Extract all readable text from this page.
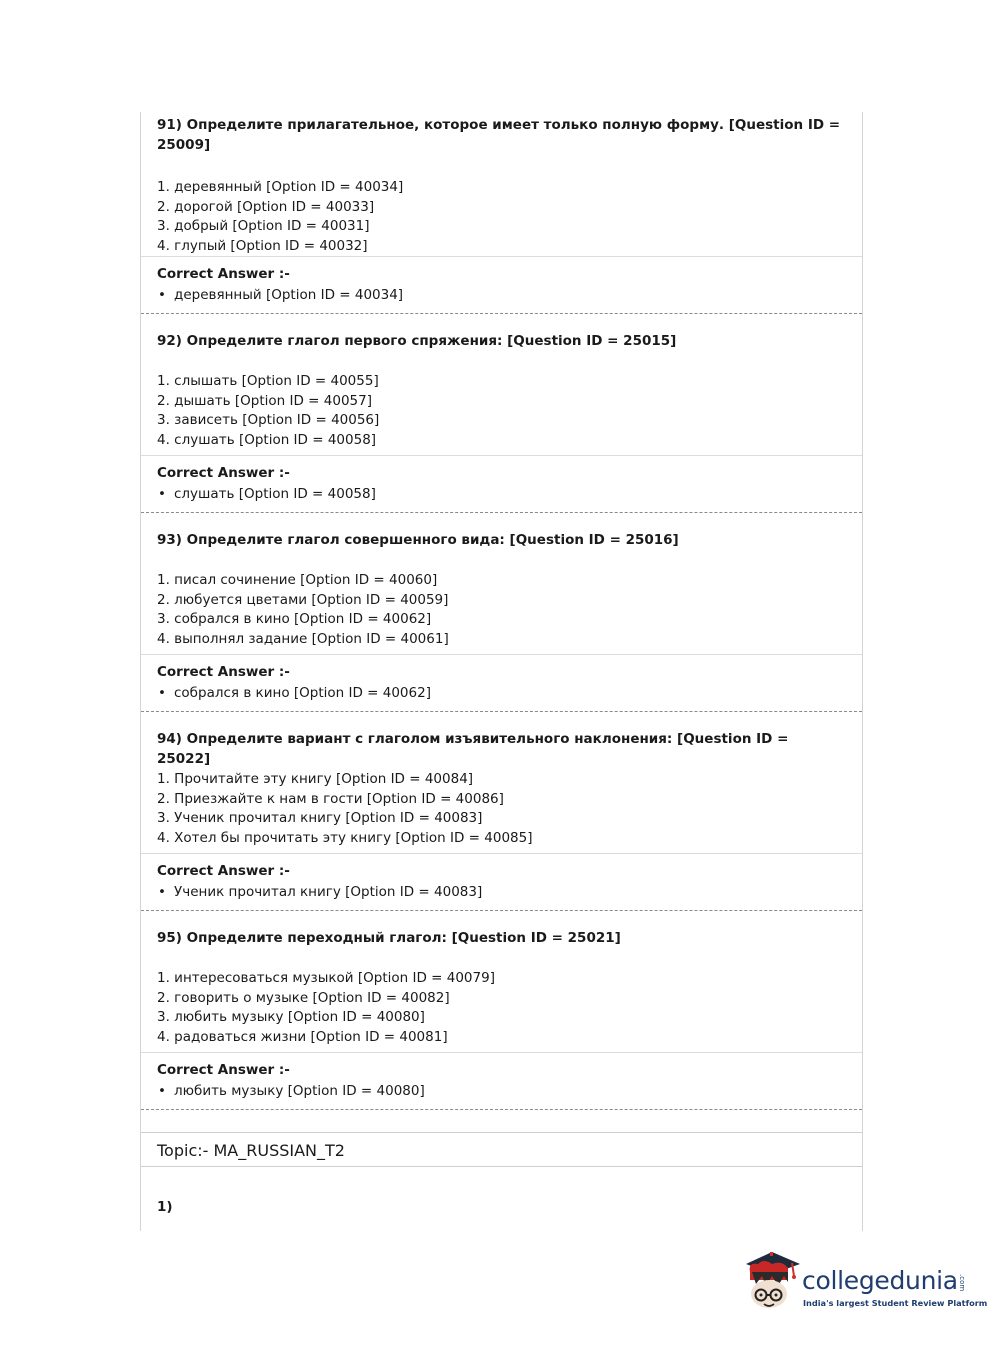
91) Определите прилагательное, которое имеет только полную форму. [Question ID = 25009]
1. деревянный [Option ID = 40034]
2. дорогой [Option ID = 40033]
3. добрый [Option ID = 40031]
4. глупый [Option ID = 40032]
Correct Answer :-
• деревянный [Option ID = 40034]
92) Определите глагол первого спряжения: [Question ID = 25015]
1. слышать [Option ID = 40055]
2. дышать [Option ID = 40057]
3. зависеть [Option ID = 40056]
4. слушать [Option ID = 40058]
Correct Answer :-
• слушать [Option ID = 40058]
93) Определите глагол совершенного вида: [Question ID = 25016]
1. писал сочинение [Option ID = 40060]
2. любуется цветами [Option ID = 40059]
3. собрался в кино [Option ID = 40062]
4. выполнял задание [Option ID = 40061]
Correct Answer :-
• собрался в кино [Option ID = 40062]
94) Определите вариант с глаголом изъявительного наклонения: [Question ID = 25022]
1. Прочитайте эту книгу [Option ID = 40084]
2. Приезжайте к нам в гости [Option ID = 40086]
3. Ученик прочитал книгу [Option ID = 40083]
4. Хотел бы прочитать эту книгу [Option ID = 40085]
Correct Answer :-
• Ученик прочитал книгу [Option ID = 40083]
95) Определите переходный глагол: [Question ID = 25021]
1. интересоваться музыкой [Option ID = 40079]
2. говорить о музыке [Option ID = 40082]
3. любить музыку [Option ID = 40080]
4. радоваться жизни [Option ID = 40081]
Correct Answer :-
• любить музыку [Option ID = 40080]
Topic:- MA_RUSSIAN_T2
1)
collegedunia .com
India's largest Student Review Platform
